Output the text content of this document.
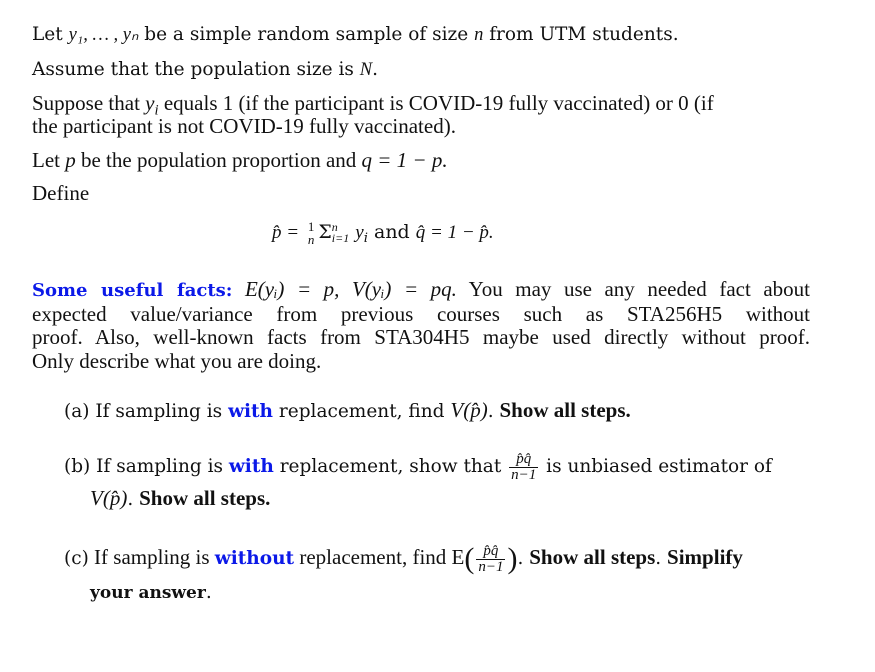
Let y₁, … , yₙ be a simple random sample of size n from UTM students.
Assume that the population size is N.
Suppose that $y_i$ equals 1 (if the participant is COVID-19 fully vaccinated) or 0 (if
the participant is not COVID-19 fully vaccinated).
Let p be the population proportion and q = 1 − p.
Define
p̂ = 1
n Σ n
i=1 $y_i$ and q̂ = 1 − p̂.
Some useful facts: E(yᵢ) = p, V(yᵢ) = pq. You may use any needed fact about
expected value/variance from previous courses such as STA256H5 without
proof. Also, well-known facts from STA304H5 maybe used directly without proof.
Only describe what you are doing.
(a) If sampling is with replacement, find V(p̂). Show all steps.
(b) If sampling is with replacement, show that $\frac{p̂q̂}{n-1}$ is unbiased estimator of
V(p̂). Show all steps.
(c) If sampling is without replacement, find $E( \frac{p̂q̂}{n-1}$ ). Show all steps. Simplify
your answer.
